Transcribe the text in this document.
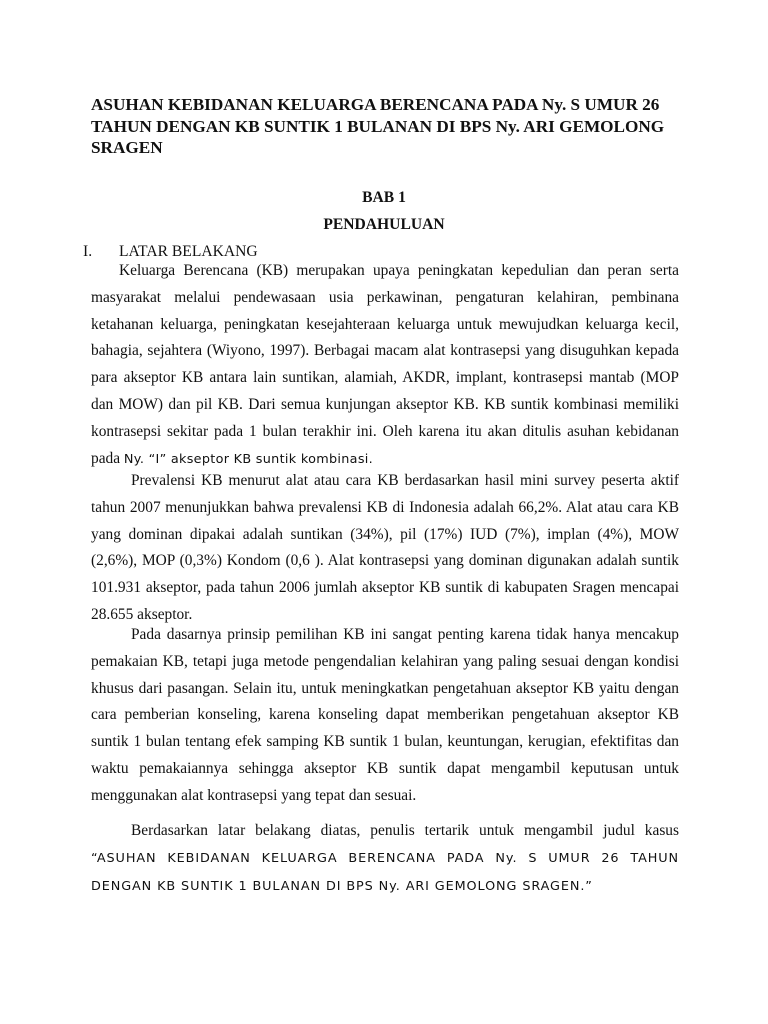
ASUHAN KEBIDANAN KELUARGA BERENCANA PADA Ny. S UMUR 26 TAHUN DENGAN KB SUNTIK 1 BULANAN DI BPS Ny. ARI GEMOLONG SRAGEN
BAB 1
PENDAHULUAN
I. LATAR BELAKANG

Keluarga Berencana (KB) merupakan upaya peningkatan kepedulian dan peran serta masyarakat melalui pendewasaan usia perkawinan, pengaturan kelahiran, pembinana ketahanan keluarga, peningkatan kesejahteraan keluarga untuk mewujudkan keluarga kecil, bahagia, sejahtera (Wiyono, 1997). Berbagai macam alat kontrasepsi yang disuguhkan kepada para akseptor KB antara lain suntikan, alamiah, AKDR, implant, kontrasepsi mantab (MOP dan MOW) dan pil KB. Dari semua kunjungan akseptor KB. KB suntik kombinasi memiliki kontrasepsi sekitar pada 1 bulan terakhir ini. Oleh karena itu akan ditulis asuhan kebidanan pada Ny. “I” akseptor KB suntik kombinasi.

Prevalensi KB menurut alat atau cara KB berdasarkan hasil mini survey peserta aktif tahun 2007 menunjukkan bahwa prevalensi KB di Indonesia adalah 66,2%. Alat atau cara KB yang dominan dipakai adalah suntikan (34%), pil (17%) IUD (7%), implan (4%), MOW (2,6%), MOP (0,3%) Kondom (0,6 ). Alat kontrasepsi yang dominan digunakan adalah suntik 101.931 akseptor, pada tahun 2006 jumlah akseptor KB suntik di kabupaten Sragen mencapai 28.655 akseptor.

Pada dasarnya prinsip pemilihan KB ini sangat penting karena tidak hanya mencakup pemakaian KB, tetapi juga metode pengendalian kelahiran yang paling sesuai dengan kondisi khusus dari pasangan. Selain itu, untuk meningkatkan pengetahuan akseptor KB yaitu dengan cara pemberian konseling, karena konseling dapat memberikan pengetahuan akseptor KB suntik 1 bulan tentang efek samping KB suntik 1 bulan, keuntungan, kerugian, efektifitas dan waktu pemakaiannya sehingga akseptor KB suntik dapat mengambil keputusan untuk menggunakan alat kontrasepsi yang tepat dan sesuai.

Berdasarkan latar belakang diatas, penulis tertarik untuk mengambil judul kasus “ASUHAN KEBIDANAN KELUARGA BERENCANA PADA Ny. S UMUR 26 TAHUN DENGAN KB SUNTIK 1 BULANAN DI BPS Ny. ARI GEMOLONG SRAGEN.”
